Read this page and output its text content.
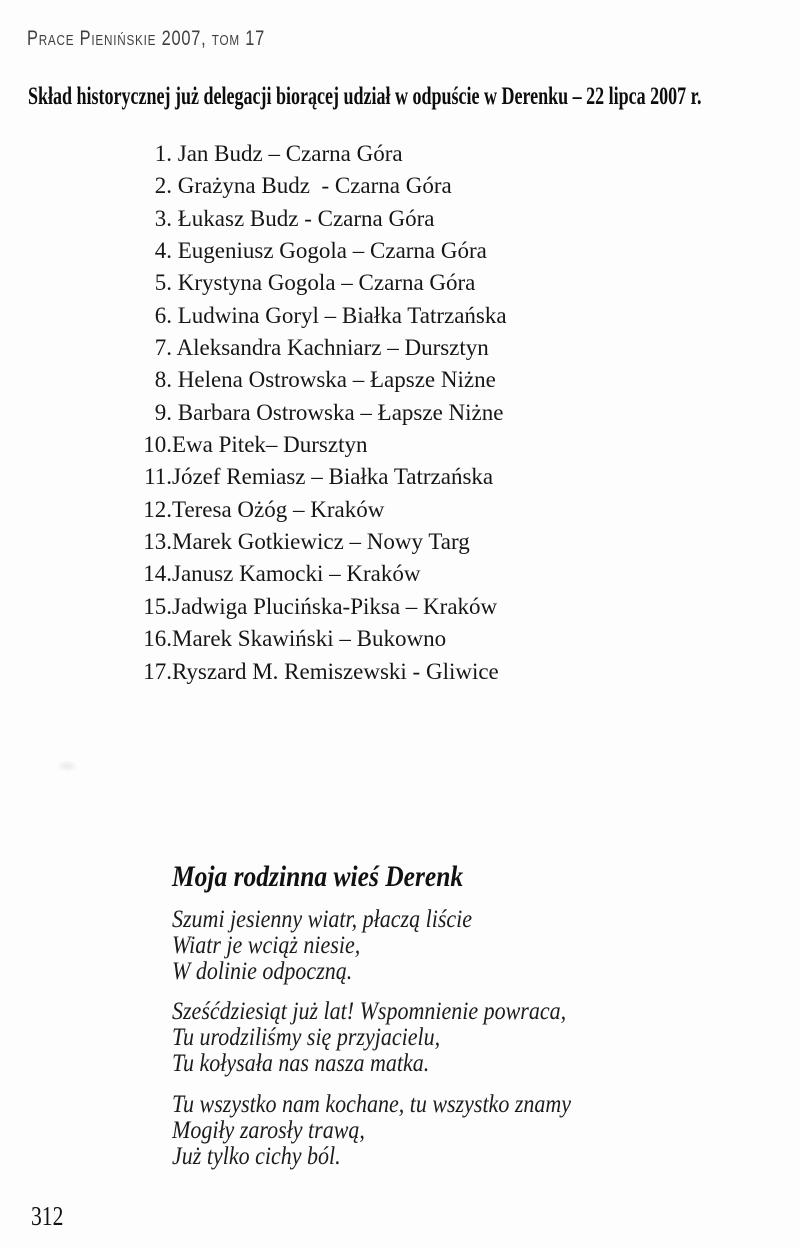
Prace Pienińskie 2007, tom 17
Skład historycznej już delegacji biorącej udział w odpuście w Derenku – 22 lipca 2007 r.
1. Jan Budz – Czarna Góra
2. Grażyna Budz  - Czarna Góra
3. Łukasz Budz - Czarna Góra
4. Eugeniusz Gogola – Czarna Góra
5. Krystyna Gogola – Czarna Góra
6. Ludwina Goryl – Białka Tatrzańska
7. Aleksandra Kachniarz – Dursztyn
8. Helena Ostrowska – Łapsze Niżne
9. Barbara Ostrowska – Łapsze Niżne
10. Ewa Pitek– Dursztyn
11. Józef Remiasz – Białka Tatrzańska
12. Teresa Ożóg – Kraków
13. Marek Gotkiewicz – Nowy Targ
14. Janusz Kamocki – Kraków
15. Jadwiga Plucińska-Piksa – Kraków
16. Marek Skawiński – Bukowno
17. Ryszard M. Remiszewski - Gliwice
Moja rodzinna wieś Derenk
Szumi jesienny wiatr, płaczą liście
Wiatr je wciąż niesie,
W dolinie odpoczną.
Sześćdziesiąt już lat! Wspomnienie powraca,
Tu urodziliśmy się przyjacielu,
Tu kołysała nas nasza matka.
Tu wszystko nam kochane, tu wszystko znamy
Mogiły zarosły trawą,
Już tylko cichy ból.
312
